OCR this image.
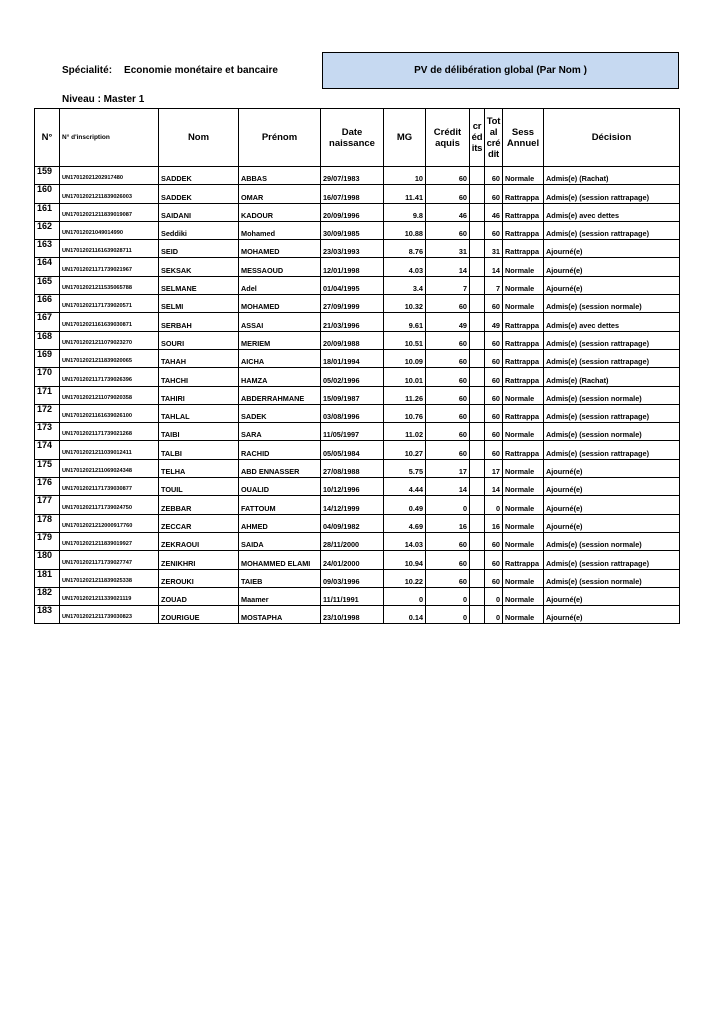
Spécialité: Economie monétaire et bancaire
Niveau : Master 1
PV de délibération global (Par Nom )
N°	N° d'inscription	Nom	Prénom	Date naissance	MG	Crédit aquis	cr éd its	Tot al cré dit	Sess Annuel	Décision
159	UN17012021202917480	SADDEK	ABBAS	29/07/1983	10	60		60	Normale	Admis(e) (Rachat)
160	UN17012021211839026003	SADDEK	OMAR	16/07/1998	11.41	60		60	Rattrappa	Admis(e) (session rattrapage)
161	UN17012021211839019087	SAIDANI	KADOUR	20/09/1996	9.8	46		46	Rattrappa	Admis(e) avec dettes
162	UN17012021049014990	Seddiki	Mohamed	30/09/1985	10.88	60		60	Rattrappa	Admis(e) (session rattrapage)
163	UN17012021161639028711	SEID	MOHAMED	23/03/1993	8.76	31		31	Rattrappa	Ajourné(e)
164	UN17012021171739021967	SEKSAK	MESSAOUD	12/01/1998	4.03	14		14	Normale	Ajourné(e)
165	UN17012021211535065788	SELMANE	Adel	01/04/1995	3.4	7		7	Normale	Ajourné(e)
166	UN17012021171739020571	SELMI	MOHAMED	27/09/1999	10.32	60		60	Normale	Admis(e) (session normale)
167	UN17012021161639030871	SERBAH	ASSAI	21/03/1996	9.61	49		49	Rattrappa	Admis(e) avec dettes
168	UN17012021211079023270	SOURI	MERIEM	20/09/1988	10.51	60		60	Rattrappa	Admis(e) (session rattrapage)
169	UN17012021211839020065	TAHAH	AICHA	18/01/1994	10.09	60		60	Rattrappa	Admis(e) (session rattrapage)
170	UN17012021171739026396	TAHCHI	HAMZA	05/02/1996	10.01	60		60	Rattrappa	Admis(e) (Rachat)
171	UN17012021211079020358	TAHIRI	ABDERRAHMANE	15/09/1987	11.26	60		60	Normale	Admis(e) (session normale)
172	UN17012021161639026100	TAHLAL	SADEK	03/08/1996	10.76	60		60	Rattrappa	Admis(e) (session rattrapage)
173	UN17012021171739021268	TAIBI	SARA	11/05/1997	11.02	60		60	Normale	Admis(e) (session normale)
174	UN17012021211039012411	TALBI	RACHID	05/05/1984	10.27	60		60	Rattrappa	Admis(e) (session rattrapage)
175	UN17012021211069024348	TELHA	ABD ENNASSER	27/08/1988	5.75	17		17	Normale	Ajourné(e)
176	UN17012021171739030877	TOUIL	OUALID	10/12/1996	4.44	14		14	Normale	Ajourné(e)
177	UN17012021171739024750	ZEBBAR	FATTOUM	14/12/1999	0.49	0		0	Normale	Ajourné(e)
178	UN17012021212000917760	ZECCAR	AHMED	04/09/1982	4.69	16		16	Normale	Ajourné(e)
179	UN17012021211839019927	ZEKRAOUI	SAIDA	28/11/2000	14.03	60		60	Normale	Admis(e) (session normale)
180	UN17012021171739027747	ZENIKHRI	MOHAMMED ELAMI	24/01/2000	10.94	60		60	Rattrappa	Admis(e) (session rattrapage)
181	UN17012021211839025338	ZEROUKI	TAIEB	09/03/1996	10.22	60		60	Normale	Admis(e) (session normale)
182	UN17012021211339021119	ZOUAD	Maamer	11/11/1991	0	0		0	Normale	Ajourné(e)
183	UN17012021211739030823	ZOURIGUE	MOSTAPHA	23/10/1998	0.14	0		0	Normale	Ajourné(e)
